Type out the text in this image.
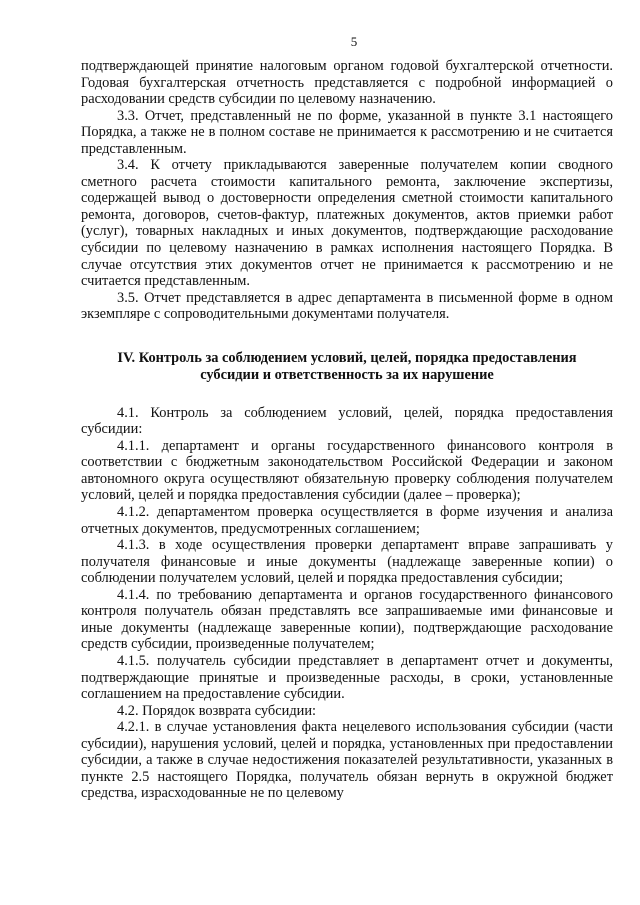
5

подтверждающей принятие налоговым органом годовой бухгалтерской отчетности. Годовая бухгалтерская отчетность представляется с подробной информацией о расходовании средств субсидии по целевому назначению.

3.3. Отчет, представленный не по форме, указанной в пункте 3.1 настоящего Порядка, а также не в полном составе не принимается к рассмотрению и не считается представленным.

3.4. К отчету прикладываются заверенные получателем копии сводного сметного расчета стоимости капитального ремонта, заключение экспертизы, содержащей вывод о достоверности определения сметной стоимости капитального ремонта, договоров, счетов-фактур, платежных документов, актов приемки работ (услуг), товарных накладных и иных документов, подтверждающие расходование субсидии по целевому назначению в рамках исполнения настоящего Порядка. В случае отсутствия этих документов отчет не принимается к рассмотрению и не считается представленным.

3.5. Отчет представляется в адрес департамента в письменной форме в одном экземпляре с сопроводительными документами получателя.

IV. Контроль за соблюдением условий, целей, порядка предоставления
субсидии и ответственность за их нарушение

4.1. Контроль за соблюдением условий, целей, порядка предоставления субсидии:

4.1.1. департамент и органы государственного финансового контроля в соответствии с бюджетным законодательством Российской Федерации и законом автономного округа осуществляют обязательную проверку соблюдения получателем условий, целей и порядка предоставления субсидии (далее – проверка);

4.1.2. департаментом проверка осуществляется в форме изучения и анализа отчетных документов, предусмотренных соглашением;

4.1.3. в ходе осуществления проверки департамент вправе запрашивать у получателя финансовые и иные документы (надлежаще заверенные копии) о соблюдении получателем условий, целей и порядка предоставления субсидии;

4.1.4. по требованию департамента и органов государственного финансового контроля получатель обязан представлять все запрашиваемые ими финансовые и иные документы (надлежаще заверенные копии), подтверждающие расходование средств субсидии, произведенные получателем;

4.1.5. получатель субсидии представляет в департамент отчет и документы, подтверждающие принятые и произведенные расходы, в сроки, установленные соглашением на предоставление субсидии.

4.2. Порядок возврата субсидии:

4.2.1. в случае установления факта нецелевого использования субсидии (части субсидии), нарушения условий, целей и порядка, установленных при предоставлении субсидии, а также в случае недостижения показателей результативности, указанных в пункте 2.5 настоящего Порядка, получатель обязан вернуть в окружной бюджет средства, израсходованные не по целевому
